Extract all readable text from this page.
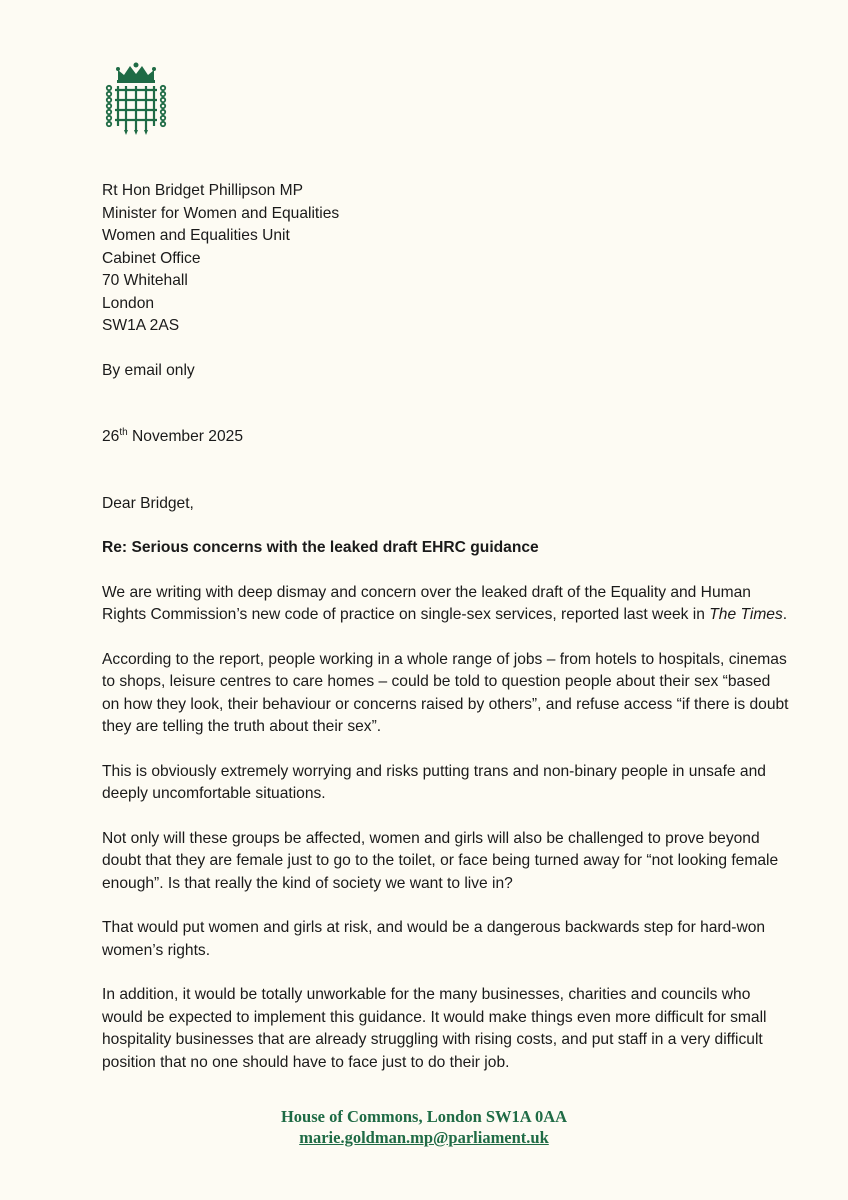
Rt Hon Bridget Phillipson MP
Minister for Women and Equalities
Women and Equalities Unit
Cabinet Office
70 Whitehall
London
SW1A 2AS

By email only

26th November 2025

Dear Bridget,

Re: Serious concerns with the leaked draft EHRC guidance

We are writing with deep dismay and concern over the leaked draft of the Equality and Human Rights Commission’s new code of practice on single-sex services, reported last week in The Times.

According to the report, people working in a whole range of jobs – from hotels to hospitals, cinemas to shops, leisure centres to care homes – could be told to question people about their sex “based on how they look, their behaviour or concerns raised by others”, and refuse access “if there is doubt they are telling the truth about their sex”.

This is obviously extremely worrying and risks putting trans and non-binary people in unsafe and deeply uncomfortable situations.

Not only will these groups be affected, women and girls will also be challenged to prove beyond doubt that they are female just to go to the toilet, or face being turned away for “not looking female enough”. Is that really the kind of society we want to live in?

That would put women and girls at risk, and would be a dangerous backwards step for hard-won women’s rights.

In addition, it would be totally unworkable for the many businesses, charities and councils who would be expected to implement this guidance. It would make things even more difficult for small hospitality businesses that are already struggling with rising costs, and put staff in a very difficult position that no one should have to face just to do their job.

House of Commons, London SW1A 0AA
marie.goldman.mp@parliament.uk
